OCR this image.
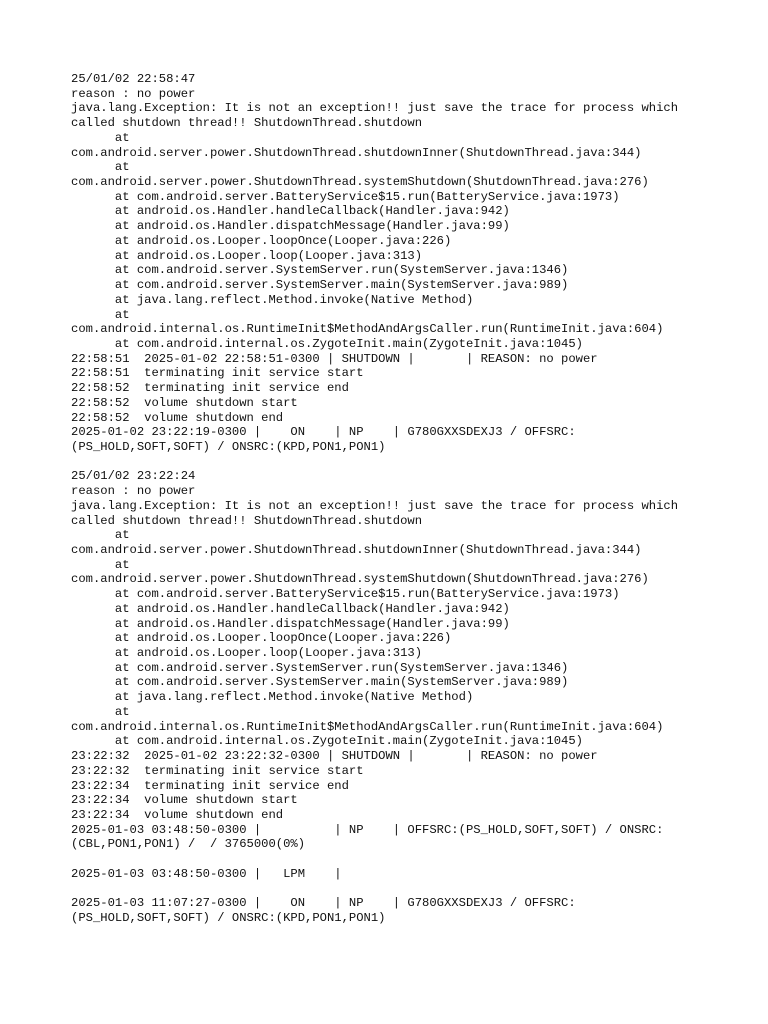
25/01/02 22:58:47
reason : no power
java.lang.Exception: It is not an exception!! just save the trace for process which
called shutdown thread!! ShutdownThread.shutdown
at
com.android.server.power.ShutdownThread.shutdownInner(ShutdownThread.java:344)
at
com.android.server.power.ShutdownThread.systemShutdown(ShutdownThread.java:276)
at com.android.server.BatteryService$15.run(BatteryService.java:1973)
at android.os.Handler.handleCallback(Handler.java:942)
at android.os.Handler.dispatchMessage(Handler.java:99)
at android.os.Looper.loopOnce(Looper.java:226)
at android.os.Looper.loop(Looper.java:313)
at com.android.server.SystemServer.run(SystemServer.java:1346)
at com.android.server.SystemServer.main(SystemServer.java:989)
at java.lang.reflect.Method.invoke(Native Method)
at
com.android.internal.os.RuntimeInit$MethodAndArgsCaller.run(RuntimeInit.java:604)
at com.android.internal.os.ZygoteInit.main(ZygoteInit.java:1045)
22:58:51  2025-01-02 22:58:51-0300 | SHUTDOWN |       | REASON: no power
22:58:51  terminating init service start
22:58:52  terminating init service end
22:58:52  volume shutdown start
22:58:52  volume shutdown end
2025-01-02 23:22:19-0300 |    ON    | NP    | G780GXXSDEXJ3 / OFFSRC:
(PS_HOLD,SOFT,SOFT) / ONSRC:(KPD,PON1,PON1)
25/01/02 23:22:24
reason : no power
java.lang.Exception: It is not an exception!! just save the trace for process which
called shutdown thread!! ShutdownThread.shutdown
at
com.android.server.power.ShutdownThread.shutdownInner(ShutdownThread.java:344)
at
com.android.server.power.ShutdownThread.systemShutdown(ShutdownThread.java:276)
at com.android.server.BatteryService$15.run(BatteryService.java:1973)
at android.os.Handler.handleCallback(Handler.java:942)
at android.os.Handler.dispatchMessage(Handler.java:99)
at android.os.Looper.loopOnce(Looper.java:226)
at android.os.Looper.loop(Looper.java:313)
at com.android.server.SystemServer.run(SystemServer.java:1346)
at com.android.server.SystemServer.main(SystemServer.java:989)
at java.lang.reflect.Method.invoke(Native Method)
at
com.android.internal.os.RuntimeInit$MethodAndArgsCaller.run(RuntimeInit.java:604)
at com.android.internal.os.ZygoteInit.main(ZygoteInit.java:1045)
23:22:32  2025-01-02 23:22:32-0300 | SHUTDOWN |       | REASON: no power
23:22:32  terminating init service start
23:22:34  terminating init service end
23:22:34  volume shutdown start
23:22:34  volume shutdown end
2025-01-03 03:48:50-0300 |          | NP    | OFFSRC:(PS_HOLD,SOFT,SOFT) / ONSRC:
(CBL,PON1,PON1) /  / 3765000(0%)
2025-01-03 03:48:50-0300 |   LPM    |
2025-01-03 11:07:27-0300 |    ON    | NP    | G780GXXSDEXJ3 / OFFSRC:
(PS_HOLD,SOFT,SOFT) / ONSRC:(KPD,PON1,PON1)
